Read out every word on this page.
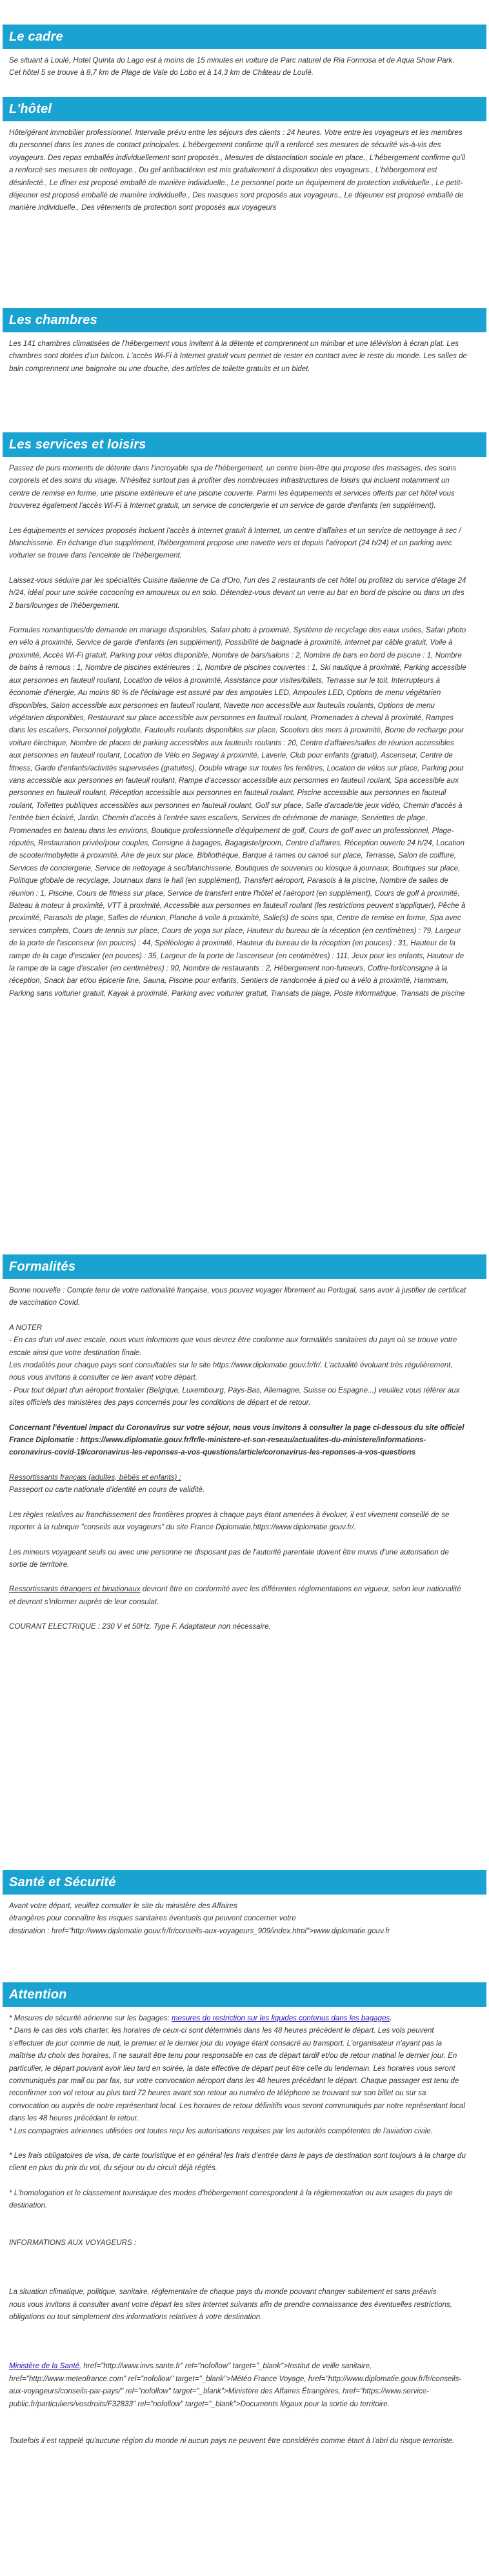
Le cadre

Se situant à Loulé, Hotel Quinta do Lago est à moins de 15 minutes en voiture de Parc naturel de Ria Formosa et de Aqua Show Park. Cet hôtel 5 se trouve à 8,7 km de Plage de Vale do Lobo et à 14,3 km de Château de Loulé.

L'hôtel

Hôte/gérant immobilier professionnel. Intervalle prévu entre les séjours des clients : 24 heures. Votre entre les voyageurs et les membres du personnel dans les zones de contact principales. L'hébergement confirme qu'il a renforcé ses mesures de sécurité vis-à-vis des voyageurs. Des repas emballés individuellement sont proposés., Mesures de distanciation sociale en place., L'hébergement confirme qu'il a renforcé ses mesures de nettoyage., Du gel antibactérien est mis gratuitement à disposition des voyageurs., L'hébergement est désinfecté., Le dîner est proposé emballé de manière individuelle., Le personnel porte un équipement de protection individuelle., Le petit-déjeuner est proposé emballé de manière individuelle., Des masques sont proposés aux voyageurs., Le déjeuner est proposé emballé de manière individuelle., Des vêtements de protection sont proposés aux voyageurs

Les chambres

Les 141 chambres climatisées de l'hébergement vous invitent à la détente et comprennent un minibar et une télévision à écran plat. Les chambres sont dotées d'un balcon. L'accès Wi-Fi à Internet gratuit vous permet de rester en contact avec le reste du monde. Les salles de bain comprennent une baignoire ou une douche, des articles de toilette gratuits et un bidet.

Les services et loisirs

Passez de purs moments de détente dans l'incroyable spa de l'hébergement, un centre bien-être qui propose des massages, des soins corporels et des soins du visage. N'hésitez surtout pas à profiter des nombreuses infrastructures de loisirs qui incluent notamment un centre de remise en forme, une piscine extérieure et une piscine couverte. Parmi les équipements et services offerts par cet hôtel vous trouverez également l'accès Wi-Fi à Internet gratuit, un service de conciergerie et un service de garde d'enfants (en supplément).

Les équipements et services proposés incluent l'accès à Internet gratuit à Internet, un centre d'affaires et un service de nettoyage à sec / blanchisserie. En échange d'un supplément, l'hébergement propose une navette vers et depuis l'aéroport (24 h/24) et un parking avec voiturier se trouve dans l'enceinte de l'hébergement.

Laissez-vous séduire par les spécialités Cuisine italienne de Ca d'Oro, l'un des 2 restaurants de cet hôtel ou profitez du service d'étage 24 h/24, idéal pour une soirée cocooning en amoureux ou en solo. Détendez-vous devant un verre au bar en bord de piscine ou dans un des 2 bars/lounges de l'hébergement.

Formules romantiques/de demande en mariage disponibles, Safari photo à proximité, Système de recyclage des eaux usées, Safari photo en vélo à proximité, Service de garde d'enfants (en supplément), Possibilité de baignade à proximité, Internet par câble gratuit, Voile à proximité, Accès Wi-Fi gratuit, Parking pour vélos disponible, Nombre de bars/salons : 2, Nombre de bars en bord de piscine : 1, Nombre de bains à remous : 1, Nombre de piscines extérieures : 1, Nombre de piscines couvertes : 1, Ski nautique à proximité, Parking accessible aux personnes en fauteuil roulant, Location de vélos à proximité, Assistance pour visites/billets, Terrasse sur le toit, Interrupteurs à économie d'énergie, Au moins 80 % de l'éclairage est assuré par des ampoules LED, Ampoules LED, Options de menu végétarien disponibles, Salon accessible aux personnes en fauteuil roulant, Navette non accessible aux fauteuils roulants, Options de menu végétarien disponibles, Restaurant sur place accessible aux personnes en fauteuil roulant, Promenades à cheval à proximité, Rampes dans les escaliers, Personnel polyglotte, Fauteuils roulants disponibles sur place, Scooters des mers à proximité, Borne de recharge pour voiture électrique, Nombre de places de parking accessibles aux fauteuils roulants : 20, Centre d'affaires/salles de réunion accessibles aux personnes en fauteuil roulant, Location de Vélo en Segway à proximité, Laverie, Club pour enfants (gratuit), Ascenseur, Centre de fitness, Garde d'enfants/activités supervisées (gratuites), Double vitrage sur toutes les fenêtres, Location de vélos sur place, Parking pour vans accessible aux personnes en fauteuil roulant, Rampe d'accessor accessible aux personnes en fauteuil roulant, Spa accessible aux personnes en fauteuil roulant, Réception accessible aux personnes en fauteuil roulant, Piscine accessible aux personnes en fauteuil roulant, Toilettes publiques accessibles aux personnes en fauteuil roulant, Golf sur place, Salle d'arcade/de jeux vidéo, Chemin d'accès à l'entrée bien éclairé, Jardin, Chemin d'accès à l'entrée sans escaliers, Services de cérémonie de mariage, Serviettes de plage, Promenades en bateau dans les environs, Boutique professionnelle d'équipement de golf, Cours de golf avec un professionnel, Plage-réputés, Restauration privée/pour couples, Consigne à bagages, Bagagiste/groom, Centre d'affaires, Réception ouverte 24 h/24, Location de scooter/mobylette à proximité, Aire de jeux sur place, Bibliothèque, Barque à rames ou canoë sur place, Terrasse, Salon de coiffure, Services de conciergerie, Service de nettoyage à sec/blanchisserie, Boutiques de souvenirs ou kiosque à journaux, Boutiques sur place, Politique globale de recyclage, Journaux dans le hall (en supplément), Transfert aéroport, Parasols à la piscine, Nombre de salles de réunion : 1, Piscine, Cours de fitness sur place, Service de transfert entre l'hôtel et l'aéroport (en supplément), Cours de golf à proximité, Bateau à moteur à proximité, VTT à proximité, Accessible aux personnes en fauteuil roulant (les restrictions peuvent s'appliquer), Pêche à proximité, Parasols de plage, Salles de réunion, Planche à voile à proximité, Salle(s) de soins spa, Centre de remise en forme, Spa avec services complets, Cours de tennis sur place, Cours de yoga sur place, Hauteur du bureau de la réception (en centimètres) : 79, Largeur de la porte de l'ascenseur (en pouces) : 44, Spéléologie à proximité, Hauteur du bureau de la réception (en pouces) : 31, Hauteur de la rampe de la cage d'escalier (en pouces) : 35, Largeur de la porte de l'ascenseur (en centimètres) : 111, Jeux pour les enfants, Hauteur de la rampe de la cage d'escalier (en centimètres) : 90, Nombre de restaurants : 2, Hébergement non-fumeurs, Coffre-fort/consigne à la réception, Snack bar et/ou épicerie fine, Sauna, Piscine pour enfants, Sentiers de randonnée à pied ou à vélo à proximité, Hammam, Parking sans voiturier gratuit, Kayak à proximité, Parking avec voiturier gratuit, Transats de plage, Poste informatique, Transats de piscine

Formalités

Bonne nouvelle : Compte tenu de votre nationalité française, vous pouvez voyager librement au Portugal, sans avoir à justifier de certificat de vaccination Covid.

A NOTER

- En cas d'un vol avec escale, nous vous informons que vous devrez être conforme aux formalités sanitaires du pays où se trouve votre escale ainsi que votre destination finale.

Les modalités pour chaque pays sont consultables sur le site https://www.diplomatie.gouv.fr/fr/. L'actualité évoluant très régulièrement, nous vous invitons à consulter ce lien avant votre départ.

- Pour tout départ d'un aéroport frontalier (Belgique, Luxembourg, Pays-Bas, Allemagne, Suisse ou Espagne...) veuillez vous référer aux sites officiels des ministères des pays concernés pour les conditions de départ et de retour.

Concernant l'éventuel impact du Coronavirus sur votre séjour, nous vous invitons à consulter la page ci-dessous du site officiel France Diplomatie : https://www.diplomatie.gouv.fr/fr/le-ministere-et-son-reseau/actualites-du-ministere/informations-coronavirus-covid-19/coronavirus-les-reponses-a-vos-questions/article/coronavirus-les-reponses-a-vos-questions

Ressortissants français (adultes, bébés et enfants) :

Passeport ou carte nationale d'identité en cours de validité.

Les règles relatives au franchissement des frontières propres à chaque pays étant amenées à évoluer, il est vivement conseillé de se reporter à la rubrique "conseils aux voyageurs" du site France Diplomatie,https://www.diplomatie.gouv.fr/.

Les mineurs voyageant seuls ou avec une personne ne disposant pas de l'autorité parentale doivent être munis d'une autorisation de sortie de territoire.

Ressortissants étrangers et binationaux devront être en conformité avec les différentes réglementations en vigueur, selon leur nationalité et devront s'informer auprès de leur consulat.

COURANT ELECTRIQUE : 230 V et 50Hz. Type F. Adaptateur non nécessaire.

Santé et Sécurité

Avant votre départ, veuillez consulter le site du ministère des Affaires

étrangères pour connaître les risques sanitaires éventuels qui peuvent concerner votre

destination : href="http://www.diplomatie.gouv.fr/fr/conseils-aux-voyageurs_909/index.html">www.diplomatie.gouv.fr

Attention

* Mesures de sécurité aérienne sur les bagages: mesures de restriction sur les liquides contenus dans les bagages.

* Dans le cas des vols charter, les horaires de ceux-ci sont déterminés dans les 48 heures précédent le départ. Les vols peuvent s'effectuer de jour comme de nuit, le premier et le dernier jour du voyage étant consacré au transport. L'organisateur n'ayant pas la maîtrise du choix des horaires, il ne saurait être tenu pour responsable en cas de départ tardif et/ou de retour matinal le dernier jour. En particulier, le départ pouvant avoir lieu tard en soirée, la date effective de départ peut être celle du lendemain. Les horaires vous seront communiqués par mail ou par fax, sur votre convocation aéroport dans les 48 heures précédant le départ. Chaque passager est tenu de reconfirmer son vol retour au plus tard 72 heures avant son retour au numéro de téléphone se trouvant sur son billet ou sur sa convocation ou auprès de notre représentant local. Les horaires de retour définitifs vous seront communiqués par notre représentant local dans les 48 heures précédant le retour.

* Les compagnies aériennes utilisées ont toutes reçu les autorisations requises par les autorités compétentes de l'aviation civile.

* Les frais obligatoires de visa, de carte touristique et en général les frais d'entrée dans le pays de destination sont toujours à la charge du client en plus du prix du vol, du séjour ou du circuit déjà réglés.

* L'homologation et le classement touristique des modes d'hébergement correspondent à la réglementation ou aux usages du pays de destination.

INFORMATIONS AUX VOYAGEURS :

La situation climatique, politique, sanitaire, réglementaire de chaque pays du monde pouvant changer subitement et sans préavis

nous vous invitons à consulter avant votre départ les sites Internet suivants afin de prendre connaissance des éventuelles restrictions, obligations ou tout simplement des informations relatives à votre destination.

Ministère de la Santé, href="http://www.invs.sante.fr" rel="nofollow" target="_blank">Institut de veille sanitaire, href="http://www.meteofrance.com" rel="nofollow" target="_blank">Météo France Voyage, href="http://www.diplomatie.gouv.fr/fr/conseils-aux-voyageurs/conseils-par-pays/" rel="nofollow" target="_blank">Ministère des Affaires Étrangères, href="https://www.service-public.fr/particuliers/vosdroits/F32833" rel="nofollow" target="_blank">Documents légaux pour la sortie du territoire.

Toutefois il est rappelé qu'aucune région du monde ni aucun pays ne peuvent être considérés comme étant à l'abri du risque terroriste.
